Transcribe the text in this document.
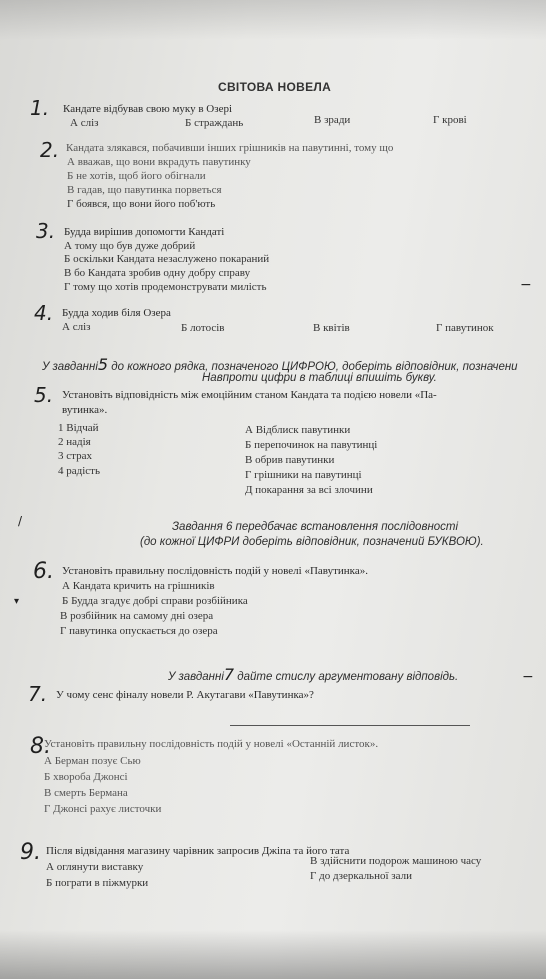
СВІТОВА НОВЕЛА
1. Кандате відбував свою муку в Озері
А сліз	Б страждань	В зради	Г крові
2. Кандата злякався, побачивши інших грішників на павутинні, тому що
А вважав, що вони вкрадуть павутинку
Б не хотів, щоб його обігнали
В гадав, що павутинка порветься
Г боявся, що вони його поб'ють
3. Будда вирішив допомогти Кандаті
А тому що був дуже добрий
Б оскільки Кандата незаслужено покараний
В бо Кандата зробив одну добру справу
Г тому що хотів продемонструвати милість	−
4. Будда ходив біля Озера
А сліз	Б лотосів	В квітів	Г павутинок
У завданні5 до кожного рядка, позначеного ЦИФРОЮ, доберіть відповідник, позначени
Навпроти цифри в таблиці впишіть букву.
5. Установіть відповідність між емоційним станом Кандата та подією новели «Па-
вутинка».
1 Відчай
2 надія
3 страх
4 радість
А Відблиск павутинки
Б перепочинок на павутинці
В обрив павутинки
Г грішники на павутинці
Д покарання за всі злочини
/	Завдання 6 передбачає встановлення послідовності
(до кожної ЦИФРИ доберіть відповідник, позначений БУКВОЮ).
6. Установіть правильну послідовність подій у новелі «Павутинка».
А Кандата кричить на грішників
Б Будда згадує добрі справи розбійника
В розбійник на самому дні озера
Г павутинка опускається до озера
▾
У завданні7 дайте стислу аргументовану відповідь.	−
7. У чому сенс фіналу новели Р. Акутагави «Павутинка»?
8.
Установіть правильну послідовність подій у новелі «Останній листок».
А Берман позує Сью
Б хвороба Джонсі
В смерть Бермана
Г Джонсі рахує листочки
9. Після відвідання магазину чарівник запросив Джіпа та його тата
А оглянути виставку
Б пограти в піжмурки
В здійснити подорож машиною часу
Г до дзеркальної зали
